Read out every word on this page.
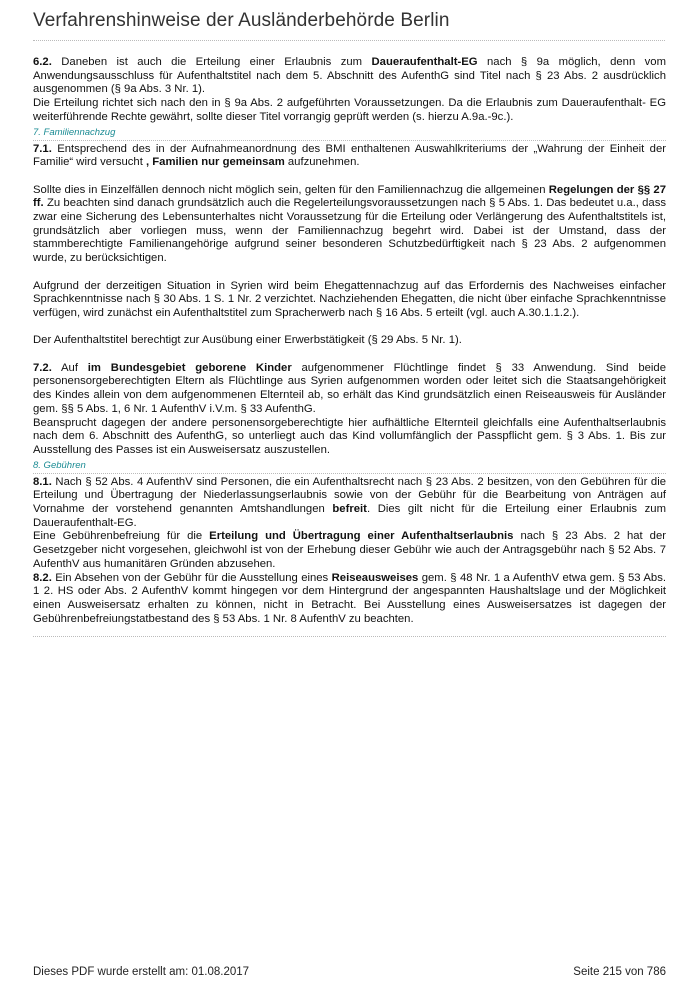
Verfahrenshinweise der Ausländerbehörde Berlin

6.2. Daneben ist auch die Erteilung einer Erlaubnis zum Daueraufenthalt-EG nach § 9a möglich, denn vom Anwendungsausschluss für Aufenthaltstitel nach dem 5. Abschnitt des AufenthG sind Titel nach § 23 Abs. 2 ausdrücklich ausgenommen (§ 9a Abs. 3 Nr. 1).

Die Erteilung richtet sich nach den in § 9a Abs. 2 aufgeführten Voraussetzungen. Da die Erlaubnis zum Daueraufenthalt- EG weiterführende Rechte gewährt, sollte dieser Titel vorrangig geprüft werden (s. hierzu A.9a.-9c.).

7. Familiennachzug

7.1. Entsprechend des in der Aufnahmeanordnung des BMI enthaltenen Auswahlkriteriums der „Wahrung der Einheit der Familie“ wird versucht , Familien nur gemeinsam aufzunehmen.

Sollte dies in Einzelfällen dennoch nicht möglich sein, gelten für den Familiennachzug die allgemeinen Regelungen der §§ 27 ff. Zu beachten sind danach grundsätzlich auch die Regelerteilungsvoraussetzungen nach § 5 Abs. 1. Das bedeutet u.a., dass zwar eine Sicherung des Lebensunterhaltes nicht Voraussetzung für die Erteilung oder Verlängerung des Aufenthaltstitels ist, grundsätzlich aber vorliegen muss, wenn der Familiennachzug begehrt wird. Dabei ist der Umstand, dass der stammberechtigte Familienangehörige aufgrund seiner besonderen Schutzbedürftigkeit nach § 23 Abs. 2 aufgenommen wurde, zu berücksichtigen.

Aufgrund der derzeitigen Situation in Syrien wird beim Ehegattennachzug auf das Erfordernis des Nachweises einfacher Sprachkenntnisse nach § 30 Abs. 1 S. 1 Nr. 2 verzichtet. Nachziehenden Ehegatten, die nicht über einfache Sprachkenntnisse verfügen, wird zunächst ein Aufenthaltstitel zum Spracherwerb nach § 16 Abs. 5 erteilt (vgl. auch A.30.1.1.2.).

Der Aufenthaltstitel berechtigt zur Ausübung einer Erwerbstätigkeit (§ 29 Abs. 5 Nr. 1).

7.2. Auf im Bundesgebiet geborene Kinder aufgenommener Flüchtlinge findet § 33 Anwendung. Sind beide personensorgeberechtigten Eltern als Flüchtlinge aus Syrien aufgenommen worden oder leitet sich die Staatsangehörigkeit des Kindes allein von dem aufgenommenen Elternteil ab, so erhält das Kind grundsätzlich einen Reiseausweis für Ausländer gem. §§ 5 Abs. 1, 6 Nr. 1 AufenthV i.V.m. § 33 AufenthG.

Beansprucht dagegen der andere personensorgeberechtigte hier aufhältliche Elternteil gleichfalls eine Aufenthaltserlaubnis nach dem 6. Abschnitt des AufenthG, so unterliegt auch das Kind vollumfänglich der Passpflicht gem. § 3 Abs. 1. Bis zur Ausstellung des Passes ist ein Ausweisersatz auszustellen.

8. Gebühren

8.1. Nach § 52 Abs. 4 AufenthV sind Personen, die ein Aufenthaltsrecht nach § 23 Abs. 2 besitzen, von den Gebühren für die Erteilung und Übertragung der Niederlassungserlaubnis sowie von der Gebühr für die Bearbeitung von Anträgen auf Vornahme der vorstehend genannten Amtshandlungen befreit. Dies gilt nicht für die Erteilung einer Erlaubnis zum Daueraufenthalt-EG.

Eine Gebührenbefreiung für die Erteilung und Übertragung einer Aufenthaltserlaubnis nach § 23 Abs. 2 hat der Gesetzgeber nicht vorgesehen, gleichwohl ist von der Erhebung dieser Gebühr wie auch der Antragsgebühr nach § 52 Abs. 7 AufenthV aus humanitären Gründen abzusehen.

8.2. Ein Absehen von der Gebühr für die Ausstellung eines Reiseausweises gem. § 48 Nr. 1 a AufenthV etwa gem. § 53 Abs. 1 2. HS oder Abs. 2 AufenthV kommt hingegen vor dem Hintergrund der angespannten Haushaltslage und der Möglichkeit einen Ausweisersatz erhalten zu können, nicht in Betracht. Bei Ausstellung eines Ausweisersatzes ist dagegen der Gebührenbefreiungstatbestand des § 53 Abs. 1 Nr. 8 AufenthV zu beachten.

Dieses PDF wurde erstellt am: 01.08.2017	Seite 215 von 786
